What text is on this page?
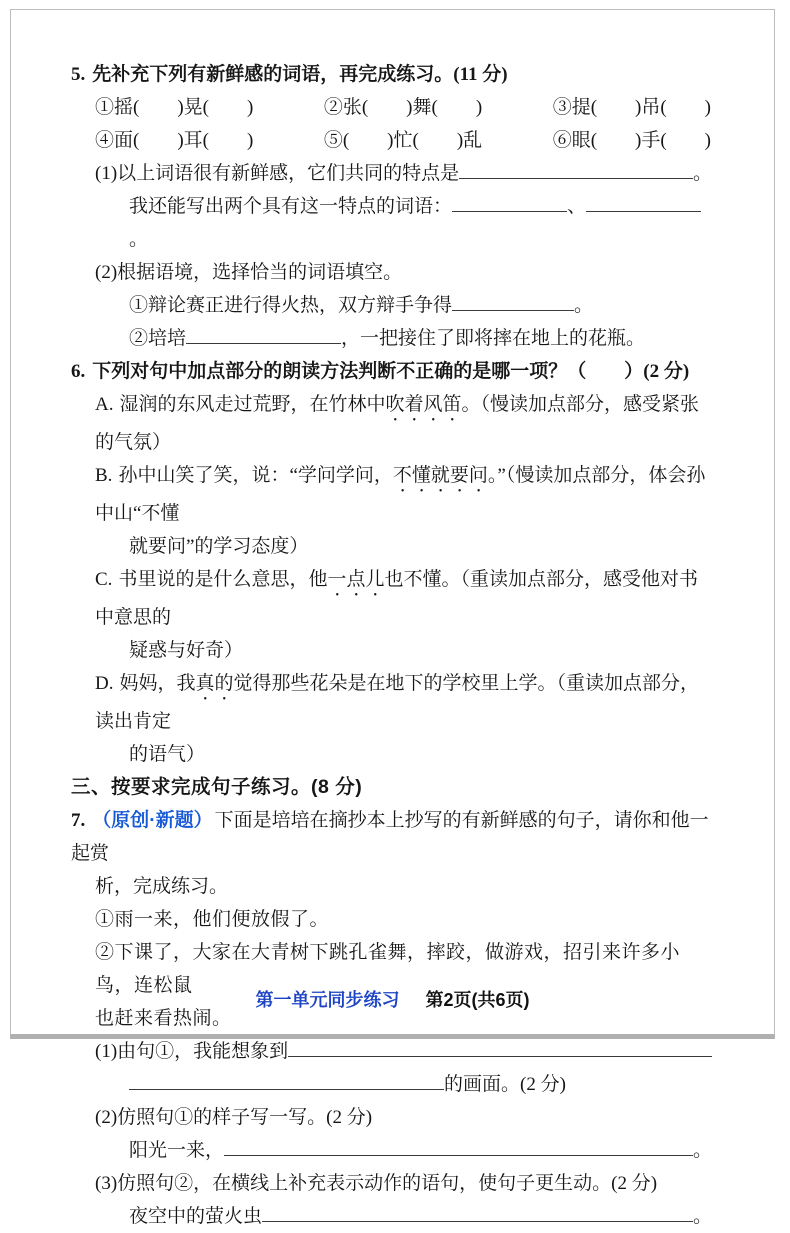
5. 先补充下列有新鲜感的词语，再完成练习。(11 分)
①摇(　　)晃(　　)	②张(　　)舞(　　)	③提(　　)吊(　　)
④面(　　)耳(　　)	⑤(　　)忙(　　)乱	⑥眼(　　)手(　　)
(1)以上词语很有新鲜感，它们共同的特点是	。
我还能写出两个具有这一特点的词语：	、。
(2)根据语境，选择恰当的词语填空。
①辩论赛正进行得火热，双方辩手争得	。
②培培	，一把接住了即将摔在地上的花瓶。
6. 下列对句中加点部分的朗读方法判断不正确的是哪一项？（　　）(2 分)
A. 湿润的东风走过荒野，在竹林中吹着风笛。（慢读加点部分，感受紧张的气氛）
B. 孙中山笑了笑，说：“学问学问，不懂就要问。”（慢读加点部分，体会孙中山“不懂
就要问”的学习态度）
C. 书里说的是什么意思，他一点儿也不懂。（重读加点部分，感受他对书中意思的
疑惑与好奇）
D. 妈妈，我真的觉得那些花朵是在地下的学校里上学。（重读加点部分，读出肯定
的语气）
三、按要求完成句子练习。(8 分)
7. （原创·新题） 下面是培培在摘抄本上抄写的有新鲜感的句子，请你和他一起赏
析，完成练习。
①雨一来，他们便放假了。
②下课了，大家在大青树下跳孔雀舞，摔跤，做游戏，招引来许多小鸟，连松鼠
也赶来看热闹。
(1)由句①，我能想象到
的画面。(2 分)
(2)仿照句①的样子写一写。(2 分)
阳光一来，	。
(3)仿照句②，在横线上补充表示动作的语句，使句子更生动。(2 分)
夜空中的萤火虫	。
第一单元同步练习 第2页(共6页)
